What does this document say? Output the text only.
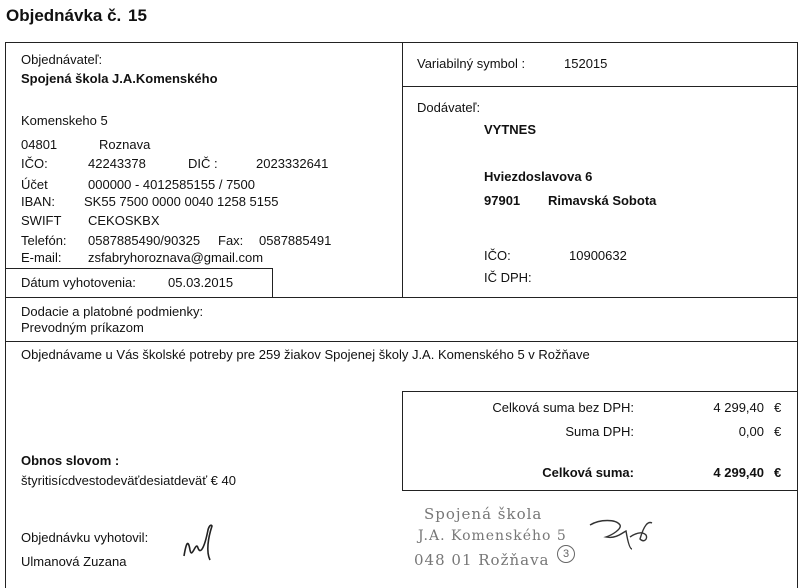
Objednávka č. 15
Objednávateľ:
Spojená škola J.A.Komenského
Komenskeho 5
04801	Roznava
IČO:	42243378	DIČ :	2023332641
Účet	000000 - 4012585155 / 7500
IBAN: SK55 7500 0000 0040 1258 5155
SWIFT CEKOSKBX
Telefón: 0587885490/90325 Fax: 0587885491
E-mail: zsfabryhoroznava@gmail.com
Dátum vyhotovenia: 05.03.2015
Variabilný symbol :	152015
Dodávateľ:
VYTNES
Hviezdoslavova 6
97901 Rimavská Sobota
IČO:	10900632
IČ DPH:
Dodacie a platobné podmienky:
Prevodným príkazom
Objednávame u Vás školské potreby pre 259 žiakov Spojenej školy J.A. Komenského 5 v Rožňave
Celková suma bez DPH:	4 299,40 €
Suma DPH:	0,00 €
Celková suma:	4 299,40 €
Obnos slovom :
štyritisícdvestodeväťdesiatdeväť € 40
Objednávku vyhotovil:
Ulmanová Zuzana
Spojená škola
J.A. Komenského 5
048 01 Rožňava	3
